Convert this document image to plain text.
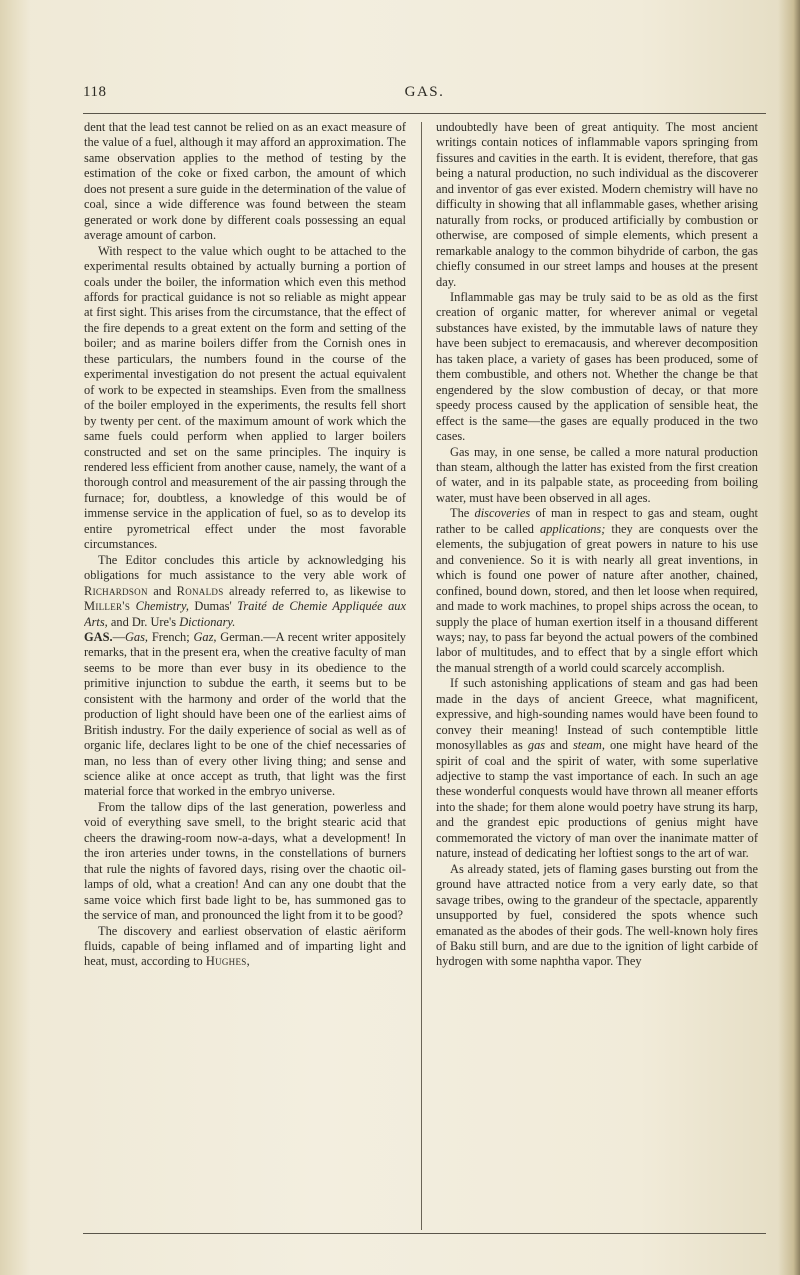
118	GAS.

dent that the lead test cannot be relied on as an exact measure of the value of a fuel, although it may afford an approximation. The same observation applies to the method of testing by the estimation of the coke or fixed carbon, the amount of which does not present a sure guide in the determination of the value of coal, since a wide difference was found between the steam generated or work done by different coals possessing an equal average amount of carbon.

With respect to the value which ought to be attached to the experimental results obtained by actually burning a portion of coals under the boiler, the information which even this method affords for practical guidance is not so reliable as might appear at first sight. This arises from the circumstance, that the effect of the fire depends to a great extent on the form and setting of the boiler; and as marine boilers differ from the Cornish ones in these particulars, the numbers found in the course of the experimental investigation do not present the actual equivalent of work to be expected in steamships. Even from the smallness of the boiler employed in the experiments, the results fell short by twenty per cent. of the maximum amount of work which the same fuels could perform when applied to larger boilers constructed and set on the same principles. The inquiry is rendered less efficient from another cause, namely, the want of a thorough control and measurement of the air passing through the furnace; for, doubtless, a knowledge of this would be of immense service in the application of fuel, so as to develop its entire pyrometrical effect under the most favorable circumstances.

The Editor concludes this article by acknowledging his obligations for much assistance to the very able work of Richardson and Ronalds already referred to, as likewise to Miller's Chemistry, Dumas' Traité de Chemie Appliquée aux Arts, and Dr. Ure's Dictionary.

GAS.—Gas, French; Gaz, German.—A recent writer appositely remarks, that in the present era, when the creative faculty of man seems to be more than ever busy in its obedience to the primitive injunction to subdue the earth, it seems but to be consistent with the harmony and order of the world that the production of light should have been one of the earliest aims of British industry. For the daily experience of social as well as of organic life, declares light to be one of the chief necessaries of man, no less than of every other living thing; and sense and science alike at once accept as truth, that light was the first material force that worked in the embryo universe.

From the tallow dips of the last generation, powerless and void of everything save smell, to the bright stearic acid that cheers the drawing-room now-a-days, what a development! In the iron arteries under towns, in the constellations of burners that rule the nights of favored days, rising over the chaotic oil-lamps of old, what a creation! And can any one doubt that the same voice which first bade light to be, has summoned gas to the service of man, and pronounced the light from it to be good?

The discovery and earliest observation of elastic aëriform fluids, capable of being inflamed and of imparting light and heat, must, according to Hughes,

undoubtedly have been of great antiquity. The most ancient writings contain notices of inflammable vapors springing from fissures and cavities in the earth. It is evident, therefore, that gas being a natural production, no such individual as the discoverer and inventor of gas ever existed. Modern chemistry will have no difficulty in showing that all inflammable gases, whether arising naturally from rocks, or produced artificially by combustion or otherwise, are composed of simple elements, which present a remarkable analogy to the common bihydride of carbon, the gas chiefly consumed in our street lamps and houses at the present day.

Inflammable gas may be truly said to be as old as the first creation of organic matter, for wherever animal or vegetal substances have existed, by the immutable laws of nature they have been subject to eremacausis, and wherever decomposition has taken place, a variety of gases has been produced, some of them combustible, and others not. Whether the change be that engendered by the slow combustion of decay, or that more speedy process caused by the application of sensible heat, the effect is the same—the gases are equally produced in the two cases.

Gas may, in one sense, be called a more natural production than steam, although the latter has existed from the first creation of water, and in its palpable state, as proceeding from boiling water, must have been observed in all ages.

The discoveries of man in respect to gas and steam, ought rather to be called applications; they are conquests over the elements, the subjugation of great powers in nature to his use and convenience. So it is with nearly all great inventions, in which is found one power of nature after another, chained, confined, bound down, stored, and then let loose when required, and made to work machines, to propel ships across the ocean, to supply the place of human exertion itself in a thousand different ways; nay, to pass far beyond the actual powers of the combined labor of multitudes, and to effect that by a single effort which the manual strength of a world could scarcely accomplish.

If such astonishing applications of steam and gas had been made in the days of ancient Greece, what magnificent, expressive, and high-sounding names would have been found to convey their meaning! Instead of such contemptible little monosyllables as gas and steam, one might have heard of the spirit of coal and the spirit of water, with some superlative adjective to stamp the vast importance of each. In such an age these wonderful conquests would have thrown all meaner efforts into the shade; for them alone would poetry have strung its harp, and the grandest epic productions of genius might have commemorated the victory of man over the inanimate matter of nature, instead of dedicating her loftiest songs to the art of war.

As already stated, jets of flaming gases bursting out from the ground have attracted notice from a very early date, so that savage tribes, owing to the grandeur of the spectacle, apparently unsupported by fuel, considered the spots whence such emanated as the abodes of their gods. The well-known holy fires of Baku still burn, and are due to the ignition of light carbide of hydrogen with some naphtha vapor. They
